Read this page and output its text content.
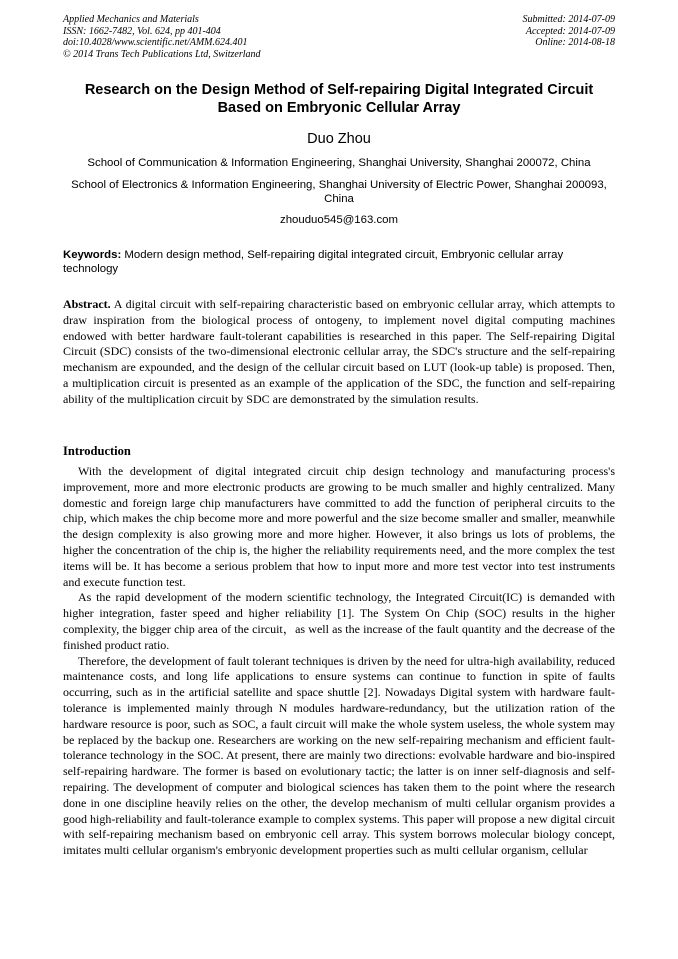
Applied Mechanics and Materials
ISSN: 1662-7482, Vol. 624, pp 401-404
doi:10.4028/www.scientific.net/AMM.624.401
© 2014 Trans Tech Publications Ltd, Switzerland
Submitted: 2014-07-09
Accepted: 2014-07-09
Online: 2014-08-18
Research on the Design Method of Self-repairing Digital Integrated Circuit Based on Embryonic Cellular Array
Duo Zhou
School of Communication & Information Engineering, Shanghai University, Shanghai 200072, China
School of Electronics & Information Engineering, Shanghai University of Electric Power, Shanghai 200093, China
zhouduo545@163.com
Keywords: Modern design method, Self-repairing digital integrated circuit, Embryonic cellular array technology

Abstract. A digital circuit with self-repairing characteristic based on embryonic cellular array, which attempts to draw inspiration from the biological process of ontogeny, to implement novel digital computing machines endowed with better hardware fault-tolerant capabilities is researched in this paper. The Self-repairing Digital Circuit (SDC) consists of the two-dimensional electronic cellular array, the SDC's structure and the self-repairing mechanism are expounded, and the design of the cellular circuit based on LUT (look-up table) is proposed. Then, a multiplication circuit is presented as an example of the application of the SDC, the function and self-repairing ability of the multiplication circuit by SDC are demonstrated by the simulation results.

Introduction

With the development of digital integrated circuit chip design technology and manufacturing process's improvement, more and more electronic products are growing to be much smaller and highly centralized. Many domestic and foreign large chip manufacturers have committed to add the function of peripheral circuits to the chip, which makes the chip become more and more powerful and the size become smaller and smaller, meanwhile the design complexity is also growing more and more higher. However, it also brings us lots of problems, the higher the concentration of the chip is, the higher the reliability requirements need, and the more complex the test items will be. It has become a serious problem that how to input more and more test vector into test instruments and execute function test.

As the rapid development of the modern scientific technology, the Integrated Circuit(IC) is demanded with higher integration, faster speed and higher reliability [1]. The System On Chip (SOC) results in the higher complexity, the bigger chip area of the circuit，as well as the increase of the fault quantity and the decrease of the finished product ratio.

Therefore, the development of fault tolerant techniques is driven by the need for ultra-high availability, reduced maintenance costs, and long life applications to ensure systems can continue to function in spite of faults occurring, such as in the artificial satellite and space shuttle [2]. Nowadays Digital system with hardware fault-tolerance is implemented mainly through N modules hardware-redundancy, but the utilization ration of the hardware resource is poor, such as SOC, a fault circuit will make the whole system useless, the whole system may be replaced by the backup one. Researchers are working on the new self-repairing mechanism and efficient fault-tolerance technology in the SOC. At present, there are mainly two directions: evolvable hardware and bio-inspired self-repairing hardware. The former is based on evolutionary tactic; the latter is on inner self-diagnosis and self-repairing. The development of computer and biological sciences has taken them to the point where the research done in one discipline heavily relies on the other, the develop mechanism of multi cellular organism provides a good high-reliability and fault-tolerance example to complex systems. This paper will propose a new digital circuit with self-repairing mechanism based on embryonic cell array. This system borrows molecular biology concept, imitates multi cellular organism's embryonic development properties such as multi cellular organism, cellular
